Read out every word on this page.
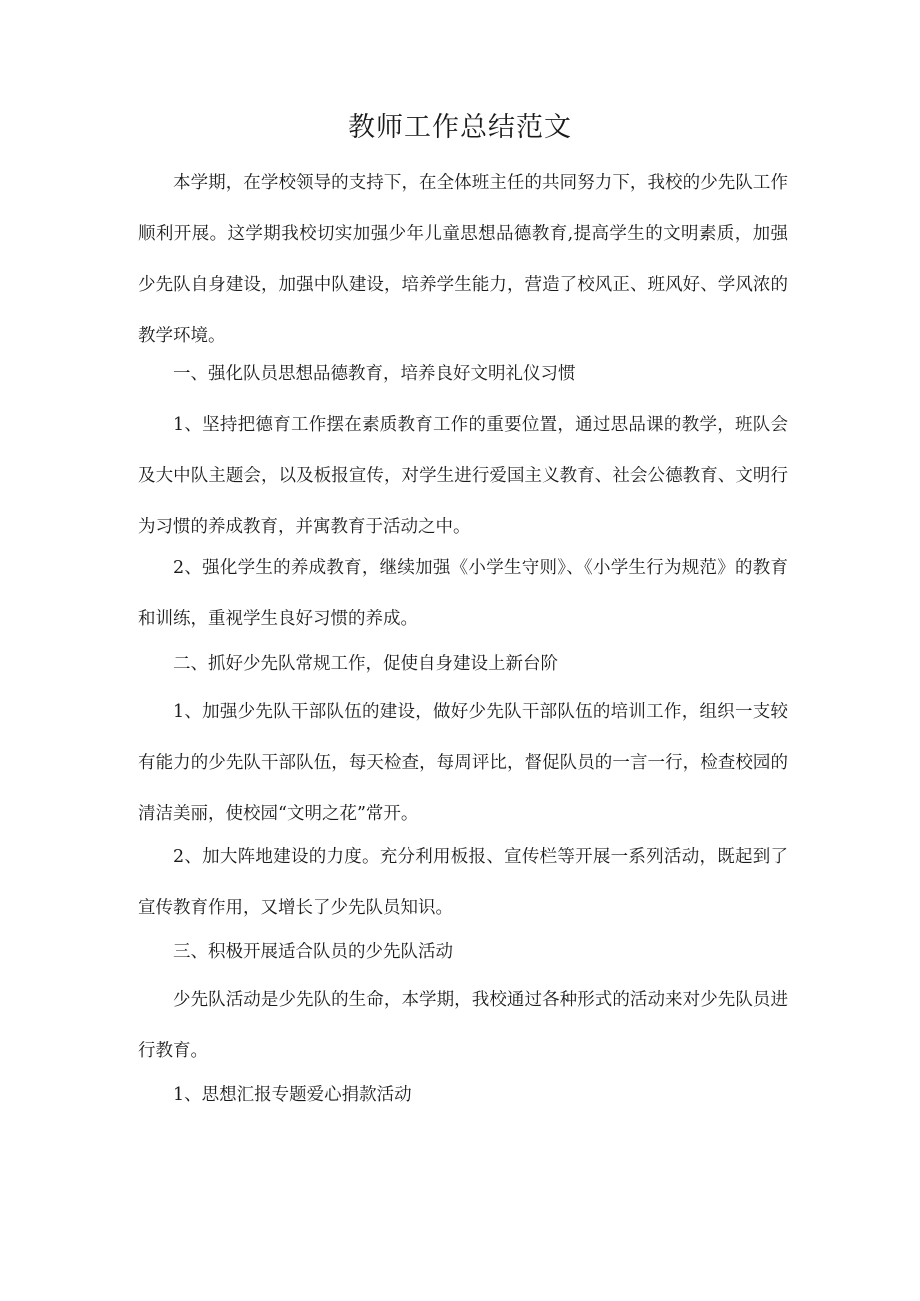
教师工作总结范文

本学期，在学校领导的支持下，在全体班主任的共同努力下，我校的少先队工作顺利开展。这学期我校切实加强少年儿童思想品德教育,提高学生的文明素质，加强少先队自身建设，加强中队建设，培养学生能力，营造了校风正、班风好、学风浓的教学环境。

一、强化队员思想品德教育，培养良好文明礼仪习惯

1、坚持把德育工作摆在素质教育工作的重要位置，通过思品课的教学，班队会及大中队主题会，以及板报宣传，对学生进行爱国主义教育、社会公德教育、文明行为习惯的养成教育，并寓教育于活动之中。

2、强化学生的养成教育，继续加强《小学生守则》、《小学生行为规范》的教育和训练，重视学生良好习惯的养成。

二、抓好少先队常规工作，促使自身建设上新台阶

1、加强少先队干部队伍的建设，做好少先队干部队伍的培训工作，组织一支较有能力的少先队干部队伍，每天检查，每周评比，督促队员的一言一行，检查校园的清洁美丽，使校园“文明之花”常开。

2、加大阵地建设的力度。充分利用板报、宣传栏等开展一系列活动，既起到了宣传教育作用，又增长了少先队员知识。

三、积极开展适合队员的少先队活动

少先队活动是少先队的生命，本学期，我校通过各种形式的活动来对少先队员进行教育。

1、思想汇报专题爱心捐款活动
